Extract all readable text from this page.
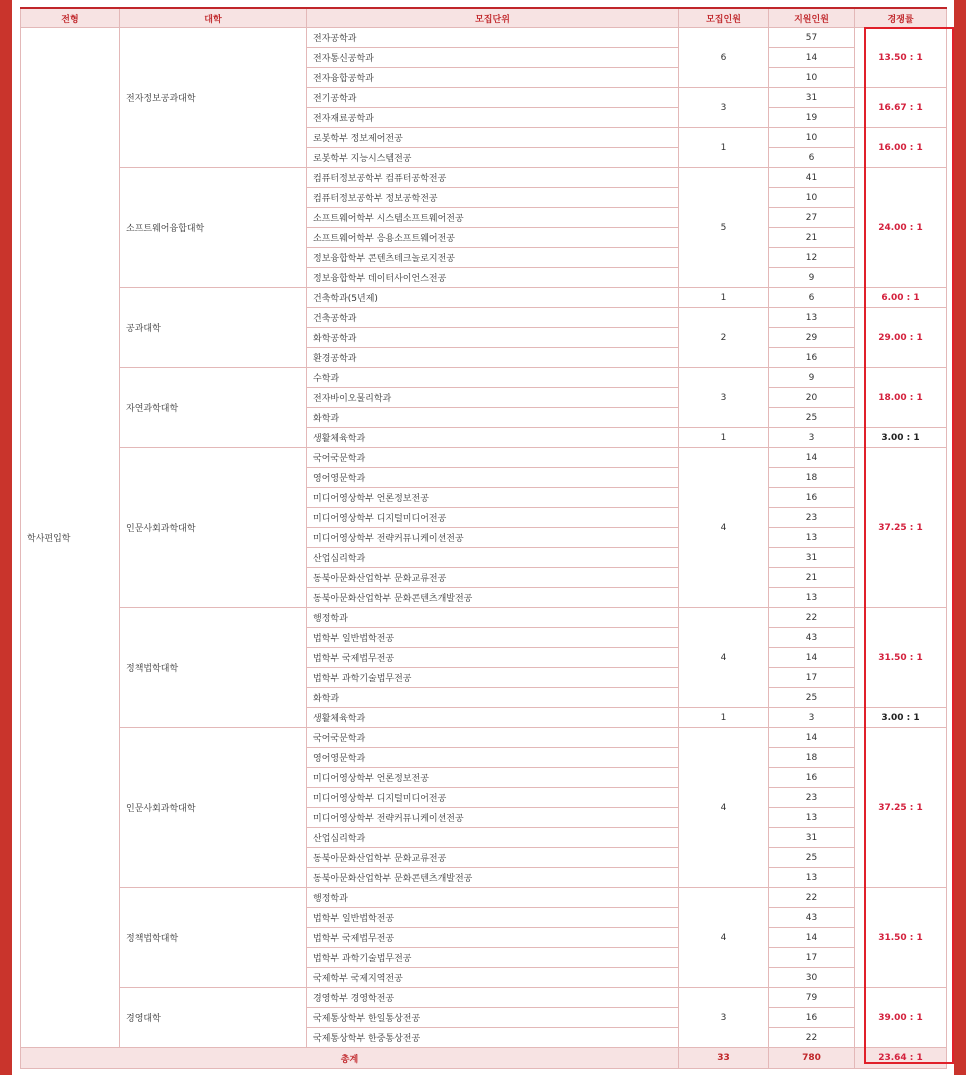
전형	대학	모집단위	모집인원	지원인원	경쟁률
학사편입학	전자정보공과대학	전자공학과	6	57	13.50 : 1
		전자통신공학과		14	
		전자융합공학과		10	
		전기공학과	3	31	16.67 : 1
		전자재료공학과		19	
		로봇학부 정보제어전공	1	10	16.00 : 1
		로봇학부 지능시스템전공		6	
	소프트웨어융합대학	컴퓨터정보공학부 컴퓨터공학전공	5	41	24.00 : 1
		컴퓨터정보공학부 정보공학전공		10	
		소프트웨어학부 시스템소프트웨어전공		27	
		소프트웨어학부 응용소프트웨어전공		21	
		정보융합학부 콘텐츠테크놀로지전공		12	
		정보융합학부 데이터사이언스전공		9	
	공과대학	건축학과(5년제)	1	6	6.00 : 1
		건축공학과	2	13	29.00 : 1
		화학공학과		29	
		환경공학과		16	
	자연과학대학	수학과	3	9	18.00 : 1
		전자바이오물리학과		20	
		화학과		25	
		생활체육학과	1	3	3.00 : 1
	인문사회과학대학	국어국문학과	4	14	37.25 : 1
		영어영문학과		18	
		미디어영상학부 언론정보전공		16	
		미디어영상학부 디지털미디어전공		23	
		미디어영상학부 전략커뮤니케이션전공		13	
		산업심리학과		31	
		동북아문화산업학부 문화교류전공		21	
		동북아문화산업학부 문화콘텐츠개발전공		13	
	정책법학대학	행정학과	4	22	31.50 : 1
		법학부 일반법학전공		43	
		법학부 국제법무전공		14	
		법학부 과학기술법무전공		17	
		화학과		25	
		생활체육학과	1	3	3.00 : 1
	인문사회과학대학	국어국문학과	4	14	37.25 : 1
		영어영문학과		18	
		미디어영상학부 언론정보전공		16	
		미디어영상학부 디지털미디어전공		23	
		미디어영상학부 전략커뮤니케이션전공		13	
		산업심리학과		31	
		동북아문화산업학부 문화교류전공		25	
		동북아문화산업학부 문화콘텐츠개발전공		13	
	정책법학대학	행정학과	4	22	31.50 : 1
		법학부 일반법학전공		43	
		법학부 국제법무전공		14	
		법학부 과학기술법무전공		17	
		국제학부 국제지역전공		30	
	경영대학	경영학부 경영학전공	3	79	39.00 : 1
		국제통상학부 한일통상전공		16	
		국제통상학부 한중통상전공		22	
총계			33	780	23.64 : 1
